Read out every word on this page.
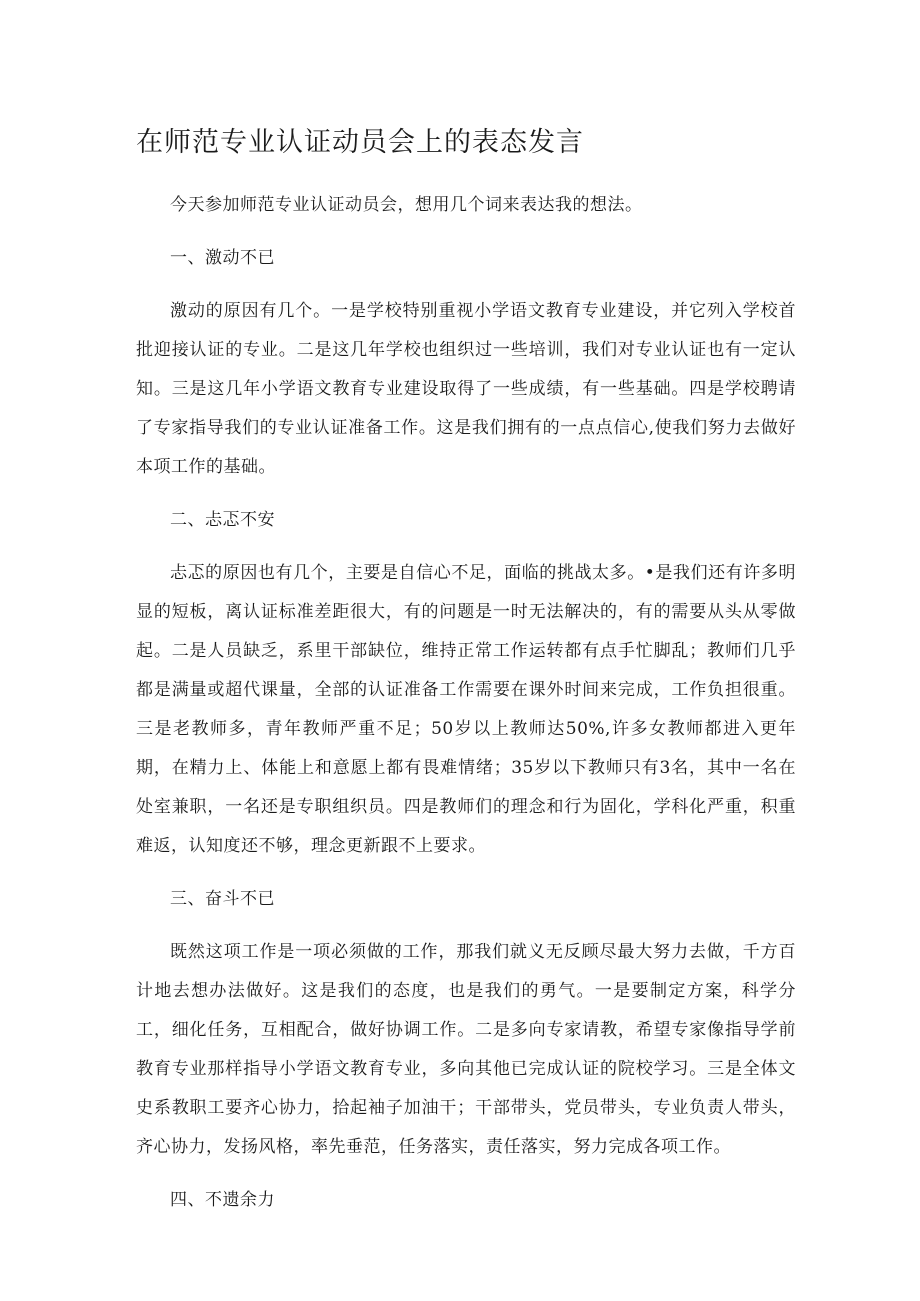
在师范专业认证动员会上的表态发言

今天参加师范专业认证动员会，想用几个词来表达我的想法。

一、激动不已

激动的原因有几个。一是学校特别重视小学语文教育专业建设，并它列入学校首批迎接认证的专业。二是这几年学校也组织过一些培训，我们对专业认证也有一定认知。三是这几年小学语文教育专业建设取得了一些成绩，有一些基础。四是学校聘请了专家指导我们的专业认证准备工作。这是我们拥有的一点点信心,使我们努力去做好本项工作的基础。

二、忐忑不安

忐忑的原因也有几个，主要是自信心不足，面临的挑战太多。•是我们还有许多明显的短板，离认证标准差距很大，有的问题是一时无法解决的，有的需要从头从零做起。二是人员缺乏，系里干部缺位，维持正常工作运转都有点手忙脚乱；教师们几乎都是满量或超代课量，全部的认证准备工作需要在课外时间来完成，工作负担很重。三是老教师多，青年教师严重不足；50岁以上教师达50%,许多女教师都进入更年期，在精力上、体能上和意愿上都有畏难情绪；35岁以下教师只有3名，其中一名在处室兼职，一名还是专职组织员。四是教师们的理念和行为固化，学科化严重，积重难返，认知度还不够，理念更新跟不上要求。

三、奋斗不已

既然这项工作是一项必须做的工作，那我们就义无反顾尽最大努力去做，千方百计地去想办法做好。这是我们的态度，也是我们的勇气。一是要制定方案，科学分工，细化任务，互相配合，做好协调工作。二是多向专家请教，希望专家像指导学前教育专业那样指导小学语文教育专业，多向其他已完成认证的院校学习。三是全体文史系教职工要齐心协力，拾起袖子加油干；干部带头，党员带头，专业负责人带头，齐心协力，发扬风格，率先垂范，任务落实，责任落实，努力完成各项工作。

四、不遗余力
